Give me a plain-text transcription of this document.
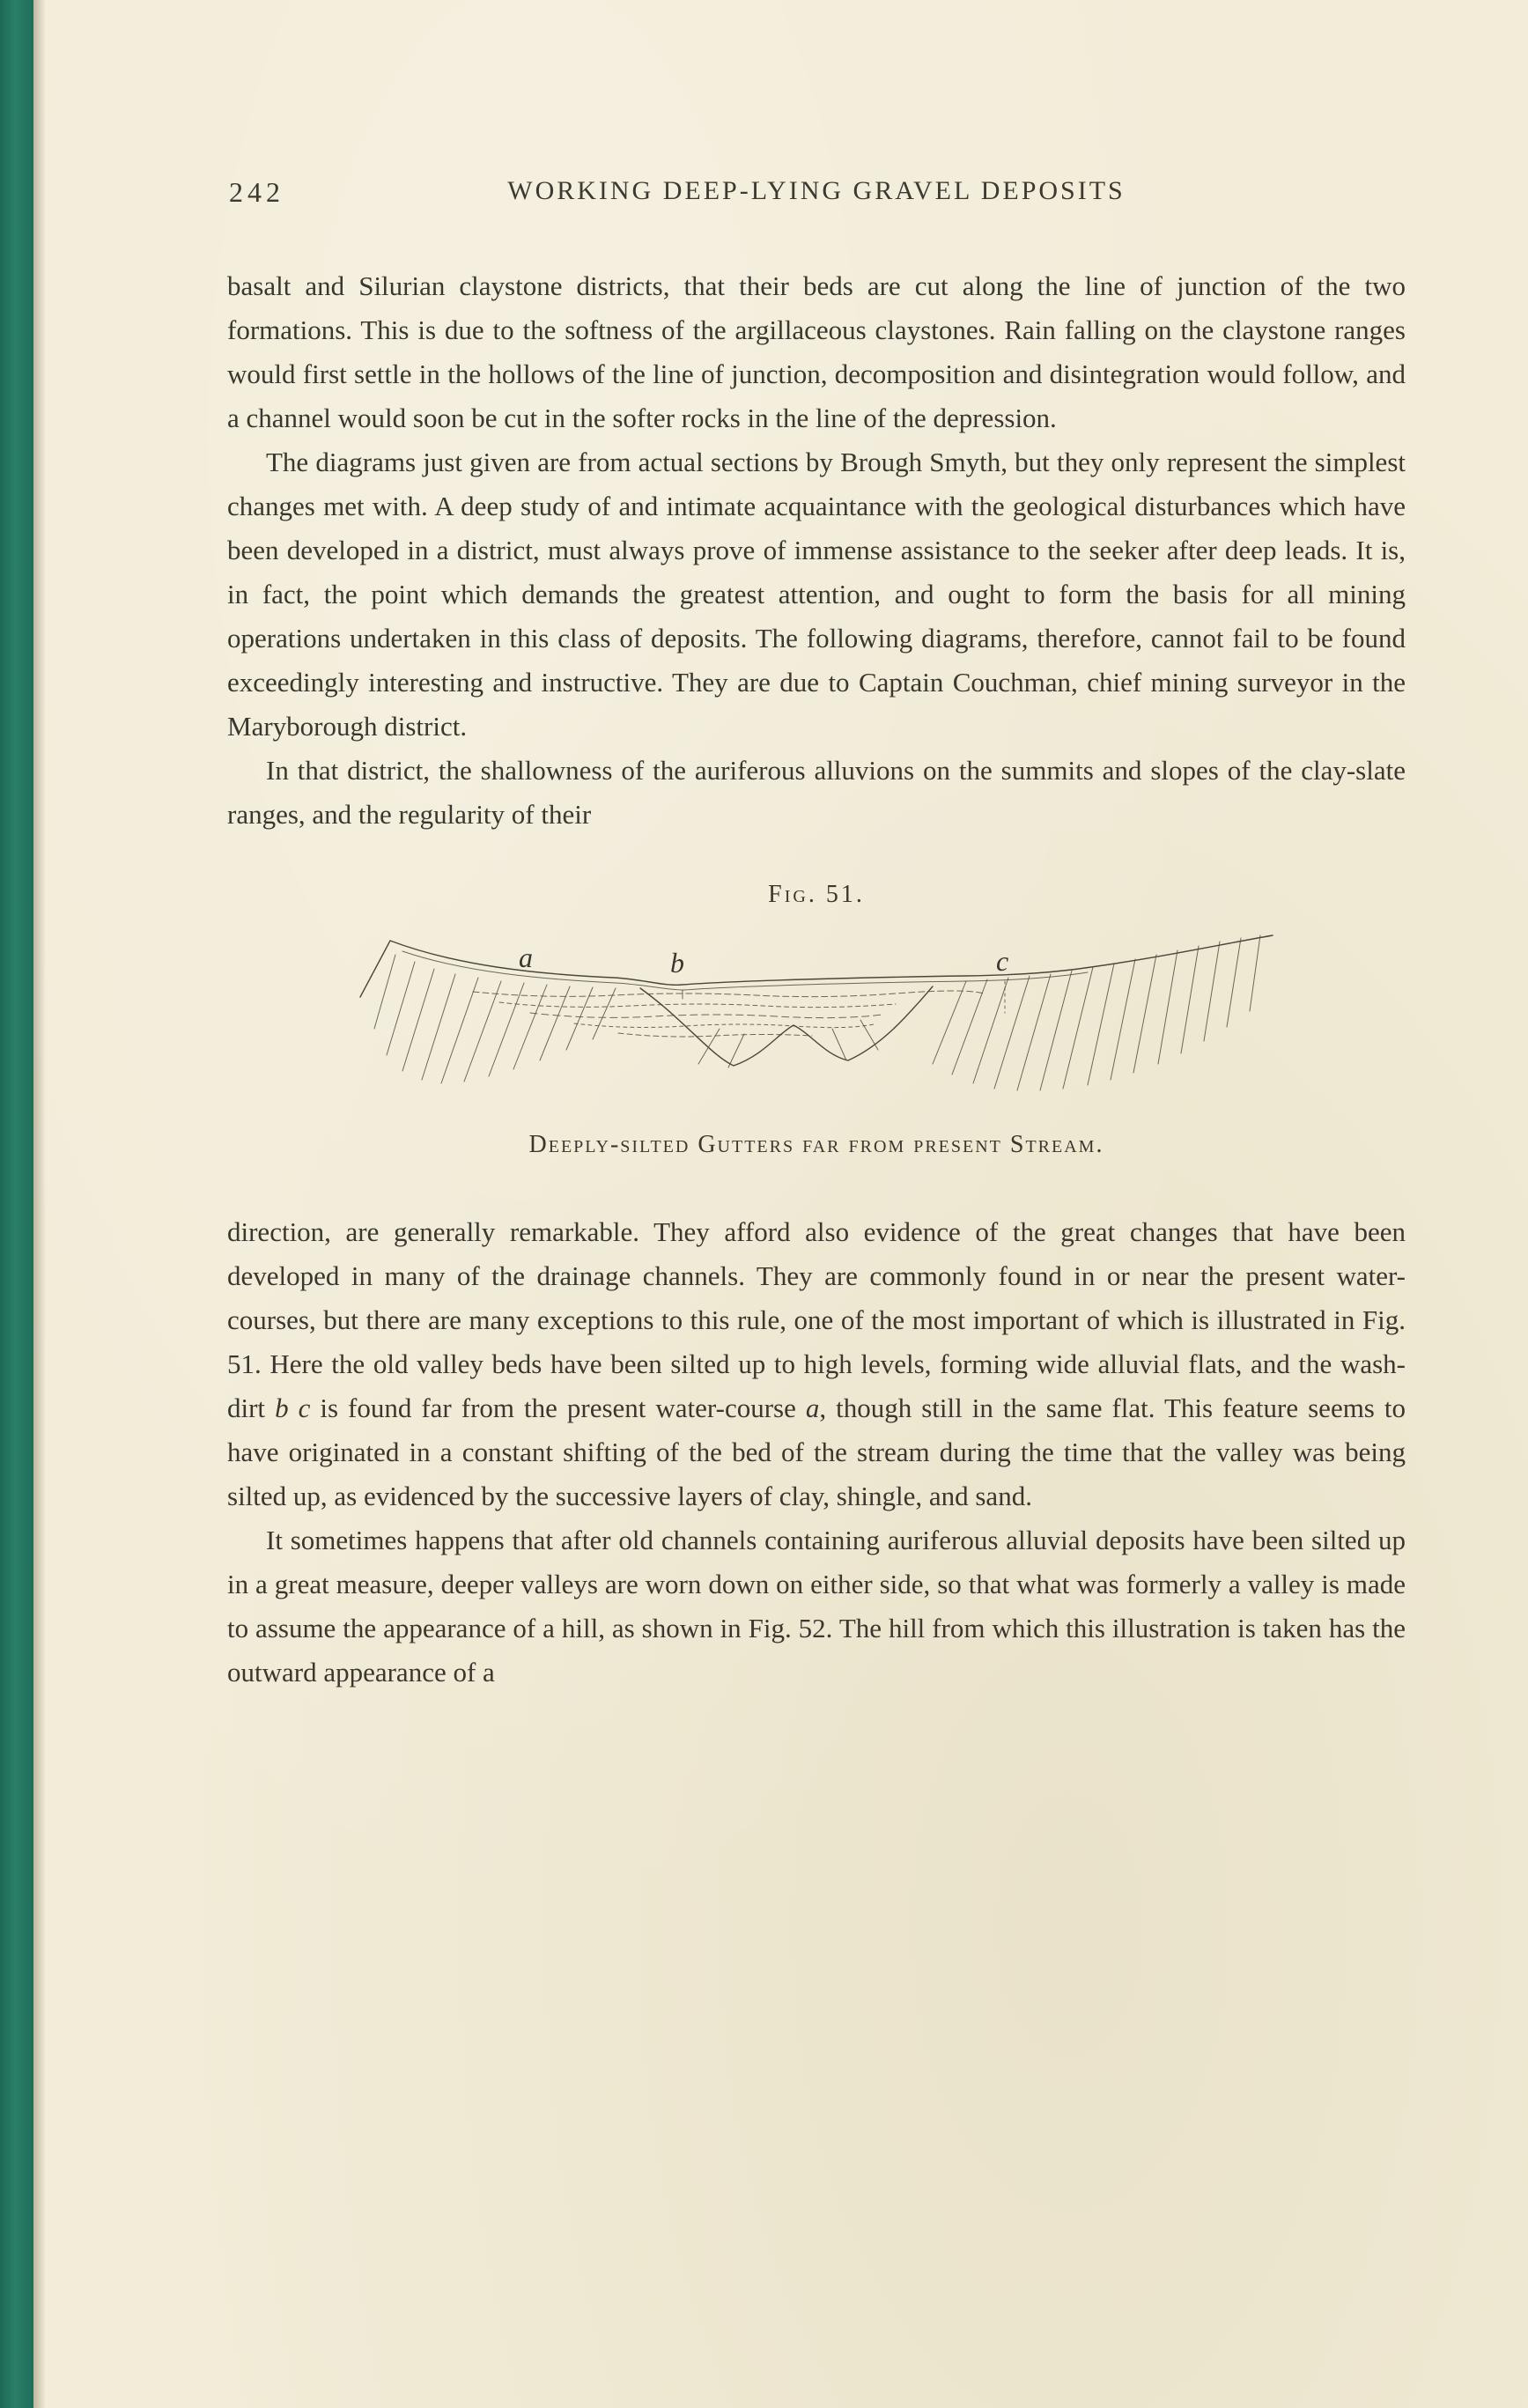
242	WORKING DEEP-LYING GRAVEL DEPOSITS

basalt and Silurian claystone districts, that their beds are cut along the line of junction of the two formations. This is due to the softness of the argillaceous claystones. Rain falling on the claystone ranges would first settle in the hollows of the line of junction, decomposition and disintegration would follow, and a channel would soon be cut in the softer rocks in the line of the depression.

The diagrams just given are from actual sections by Brough Smyth, but they only represent the simplest changes met with. A deep study of and intimate acquaintance with the geological disturbances which have been developed in a district, must always prove of immense assistance to the seeker after deep leads. It is, in fact, the point which demands the greatest attention, and ought to form the basis for all mining operations undertaken in this class of deposits. The following diagrams, therefore, cannot fail to be found exceedingly interesting and instructive. They are due to Captain Couchman, chief mining surveyor in the Maryborough district.

In that district, the shallowness of the auriferous alluvions on the summits and slopes of the clay-slate ranges, and the regularity of their

Fig. 51.
a	b	c
Deeply-silted Gutters far from present Stream.

direction, are generally remarkable. They afford also evidence of the great changes that have been developed in many of the drainage channels. They are commonly found in or near the present water-courses, but there are many exceptions to this rule, one of the most important of which is illustrated in Fig. 51. Here the old valley beds have been silted up to high levels, forming wide alluvial flats, and the wash-dirt b c is found far from the present water-course a, though still in the same flat. This feature seems to have originated in a constant shifting of the bed of the stream during the time that the valley was being silted up, as evidenced by the successive layers of clay, shingle, and sand.

It sometimes happens that after old channels containing auriferous alluvial deposits have been silted up in a great measure, deeper valleys are worn down on either side, so that what was formerly a valley is made to assume the appearance of a hill, as shown in Fig. 52. The hill from which this illustration is taken has the outward appearance of a
